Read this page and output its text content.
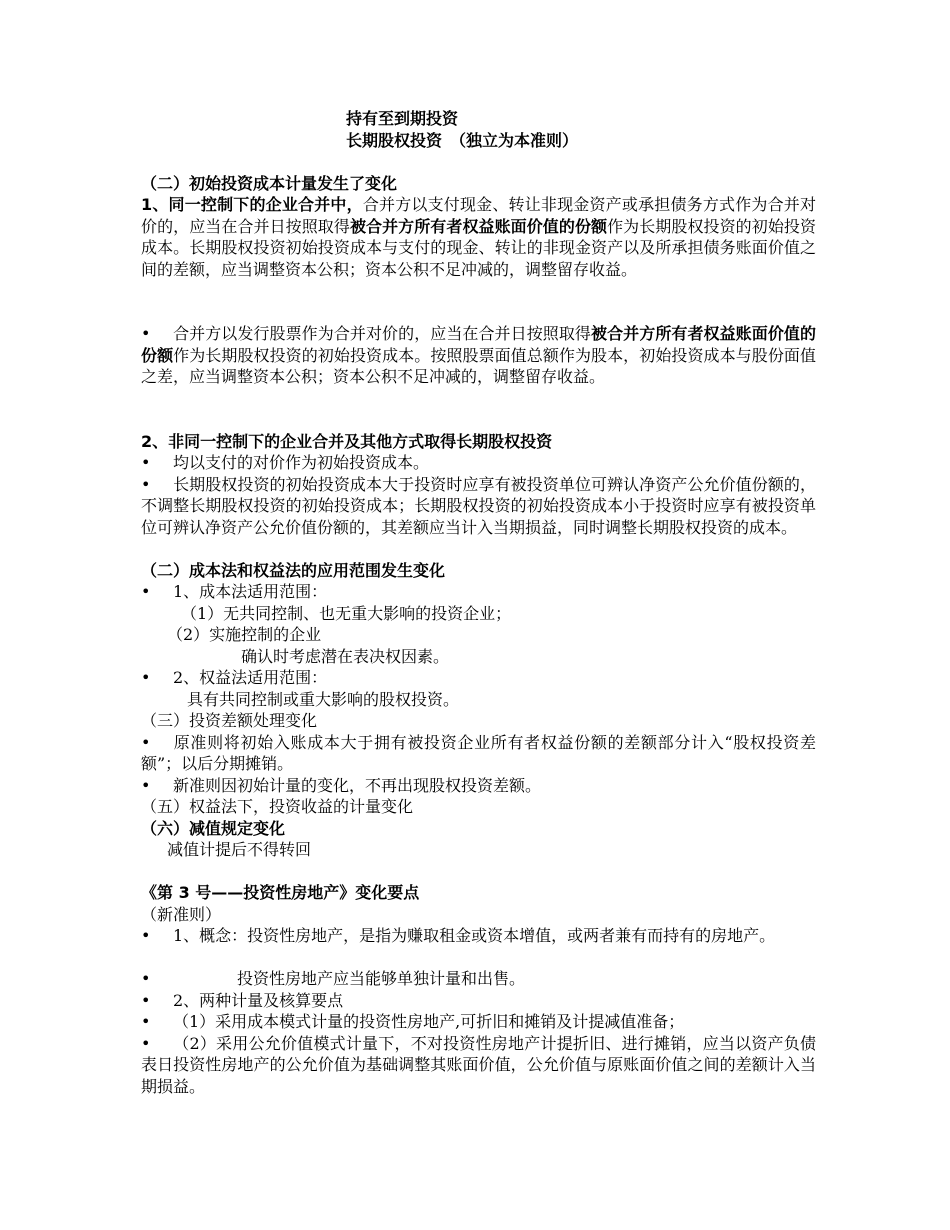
持有至到期投资
长期股权投资　（独立为本准则）
（二）初始投资成本计量发生了变化
1、同一控制下的企业合并中，合并方以支付现金、转让非现金资产或承担债务方式作为合并对价的，应当在合并日按照取得被合并方所有者权益账面价值的份额作为长期股权投资的初始投资成本。长期股权投资初始投资成本与支付的现金、转让的非现金资产以及所承担债务账面价值之间的差额，应当调整资本公积；资本公积不足冲减的，调整留存收益。
• 合并方以发行股票作为合并对价的，应当在合并日按照取得被合并方所有者权益账面价值的份额作为长期股权投资的初始投资成本。按照股票面值总额作为股本，初始投资成本与股份面值之差，应当调整资本公积；资本公积不足冲减的，调整留存收益。
2、非同一控制下的企业合并及其他方式取得长期股权投资
• 均以支付的对价作为初始投资成本。
• 长期股权投资的初始投资成本大于投资时应享有被投资单位可辨认净资产公允价值份额的，不调整长期股权投资的初始投资成本；长期股权投资的初始投资成本小于投资时应享有被投资单位可辨认净资产公允价值份额的，其差额应当计入当期损益，同时调整长期股权投资的成本。
（二）成本法和权益法的应用范围发生变化
• 1、成本法适用范围：
（1）无共同控制、也无重大影响的投资企业；
（2）实施控制的企业
确认时考虑潜在表决权因素。
• 2、权益法适用范围：
具有共同控制或重大影响的股权投资。
（三）投资差额处理变化
• 原准则将初始入账成本大于拥有被投资企业所有者权益份额的差额部分计入“股权投资差额”；以后分期摊销。
• 新准则因初始计量的变化，不再出现股权投资差额。
（五）权益法下，投资收益的计量变化
（六）减值规定变化
减值计提后不得转回
《第 3 号——投资性房地产》变化要点
（新准则）
• 1、概念：投资性房地产，是指为赚取租金或资本增值，或两者兼有而持有的房地产。
•	投资性房地产应当能够单独计量和出售。
• 2、两种计量及核算要点
• （1）采用成本模式计量的投资性房地产,可折旧和摊销及计提减值准备；
• （2）采用公允价值模式计量下，不对投资性房地产计提折旧、进行摊销，应当以资产负债表日投资性房地产的公允价值为基础调整其账面价值，公允价值与原账面价值之间的差额计入当期损益。
